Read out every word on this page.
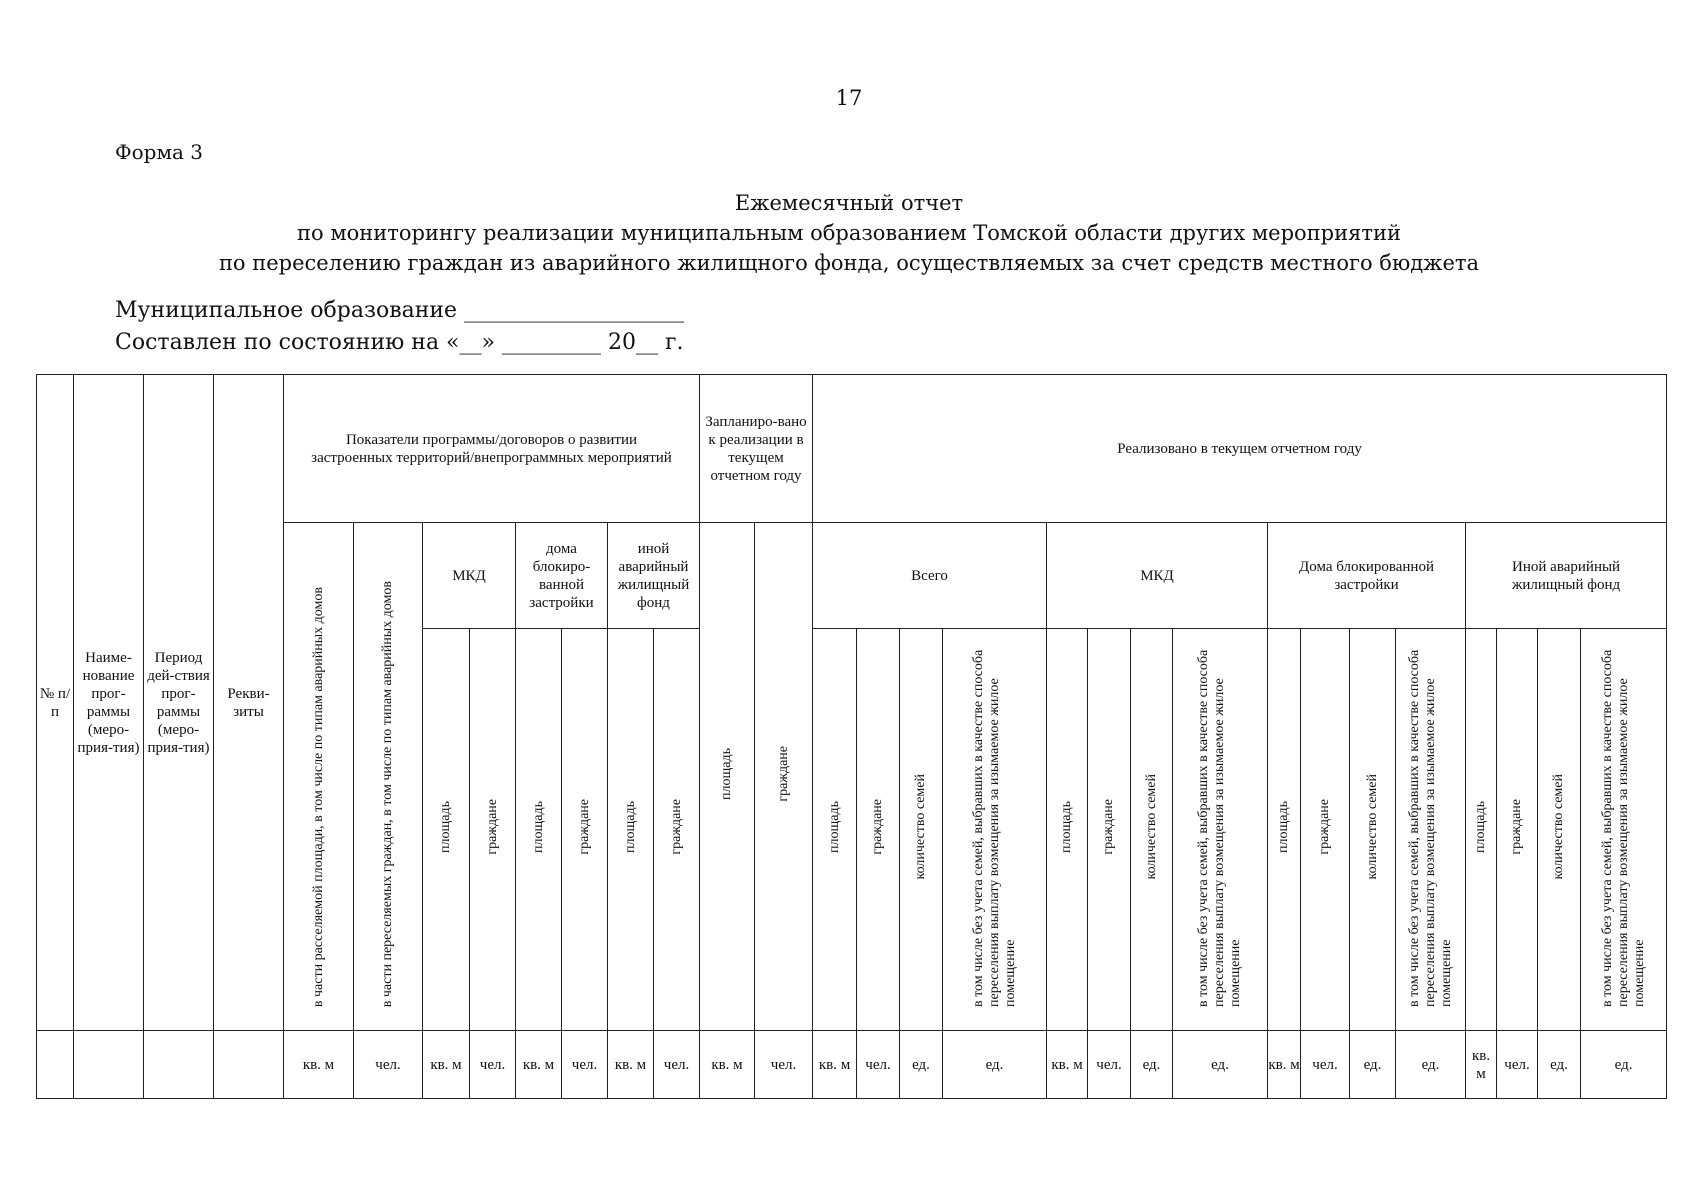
17
Форма 3
Ежемесячный отчет
по мониторингу реализации муниципальным образованием Томской области других мероприятий
по переселению граждан из аварийного жилищного фонда, осуществляемых за счет средств местного бюджета
Муниципальное образование ____________________
Составлен по состоянию на «__» _________ 20__ г.
№ п/п	Наиме-нование прог-раммы (меро-прия-тия)	Период дей-ствия прог-раммы (меро-прия-тия)	Рекви-зиты	Показатели программы/договоров о развитии застроенных территорий/внепрограммных мероприятий								Запланиро-вано к реализации в текущем отчетном году		Реализовано в текущем отчетном году															
				в части расселяемой площади, в том числе по типам аварийных домов	в части переселяемых граждан, в том числе по типам аварийных домов	МКД		дома блокиро-ванной застройки		иной аварийный жилищный фонд		площадь	граждане	Всего				МКД				Дома блокированной застройки				Иной аварийный жилищный фонд			
						площадь	граждане	площадь	граждане	площадь	граждане			площадь	граждане	количество семей	в том числе без учета семей, выбравших в качестве способа переселения выплату возмещения за изымаемое жилое помещение	площадь	граждане	количество семей	в том числе без учета семей, выбравших в качестве способа переселения выплату возмещения за изымаемое жилое помещение	площадь	граждане	количество семей	в том числе без учета семей, выбравших в качестве способа переселения выплату возмещения за изымаемое жилое помещение	площадь	граждане	количество семей	в том числе без учета семей, выбравших в качестве способа переселения выплату возмещения за изымаемое жилое помещение
				кв. м	чел.	кв. м	чел.	кв. м	чел.	кв. м	чел.	кв. м	чел.	кв. м	чел.	ед.	ед.	кв. м	чел.	ед.	ед.	кв. м	чел.	ед.	ед.	кв. м	чел.	ед.	ед.
